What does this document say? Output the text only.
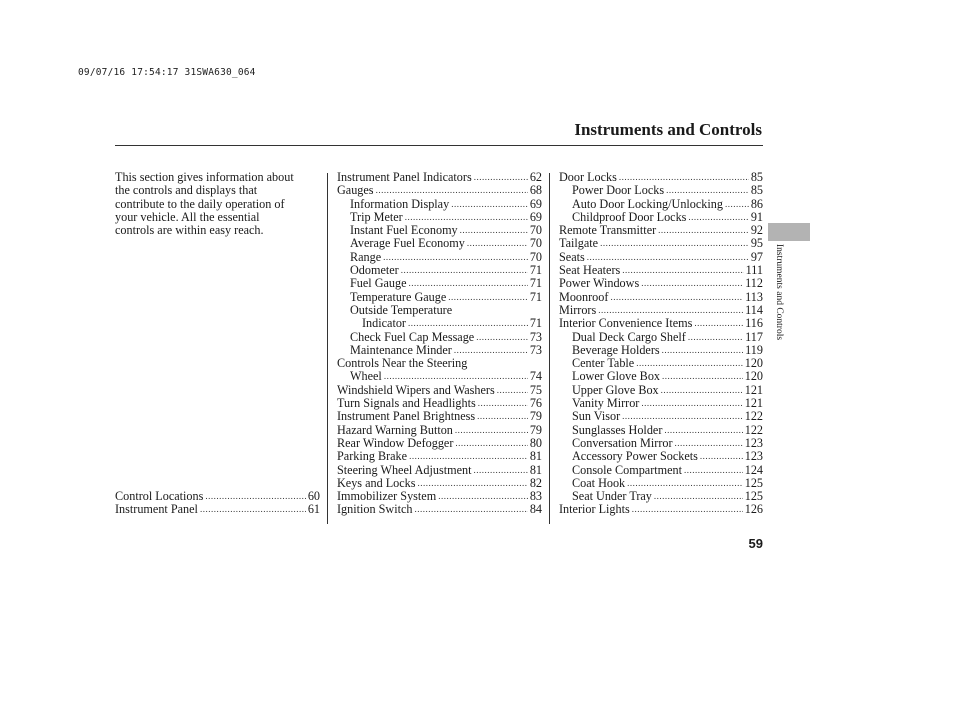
09/07/16 17:54:17 31SWA630_064
Instruments and Controls
Instruments and Controls

This section gives information about
the controls and displays that
contribute to the daily operation of
your vehicle. All the essential
controls are within easy reach.

Control Locations .....	60
Instrument Panel .....	61
Instrument Panel Indicators .....	62
Gauges .....	68
Information Display .....	69
Trip Meter .....	69
Instant Fuel Economy .....	70
Average Fuel Economy .....	70
Range .....	70
Odometer .....	71
Fuel Gauge .....	71
Temperature Gauge .....	71
Outside Temperature
Indicator .....	71
Check Fuel Cap Message .....	73
Maintenance Minder .....	73
Controls Near the Steering
Wheel .....	74
Windshield Wipers and Washers .....	75
Turn Signals and Headlights .....	76
Instrument Panel Brightness .....	79
Hazard Warning Button .....	79
Rear Window Defogger .....	80
Parking Brake .....	81
Steering Wheel Adjustment .....	81
Keys and Locks .....	82
Immobilizer System .....	83
Ignition Switch .....	84
Door Locks .....	85
Power Door Locks .....	85
Auto Door Locking/Unlocking ..... 86
Childproof Door Locks .....	91
Remote Transmitter .....	92
Tailgate .....	95
Seats .....	97
Seat Heaters .....	111
Power Windows .....	112
Moonroof .....	113
Mirrors .....	114
Interior Convenience Items .....	116
Dual Deck Cargo Shelf .....	117
Beverage Holders .....	119
Center Table .....	120
Lower Glove Box .....	120
Upper Glove Box .....	121
Vanity Mirror .....	121
Sun Visor .....	122
Sunglasses Holder .....	122
Conversation Mirror .....	123
Accessory Power Sockets .....	123
Console Compartment .....	124
Coat Hook .....	125
Seat Under Tray .....	125
Interior Lights .....	126
59
